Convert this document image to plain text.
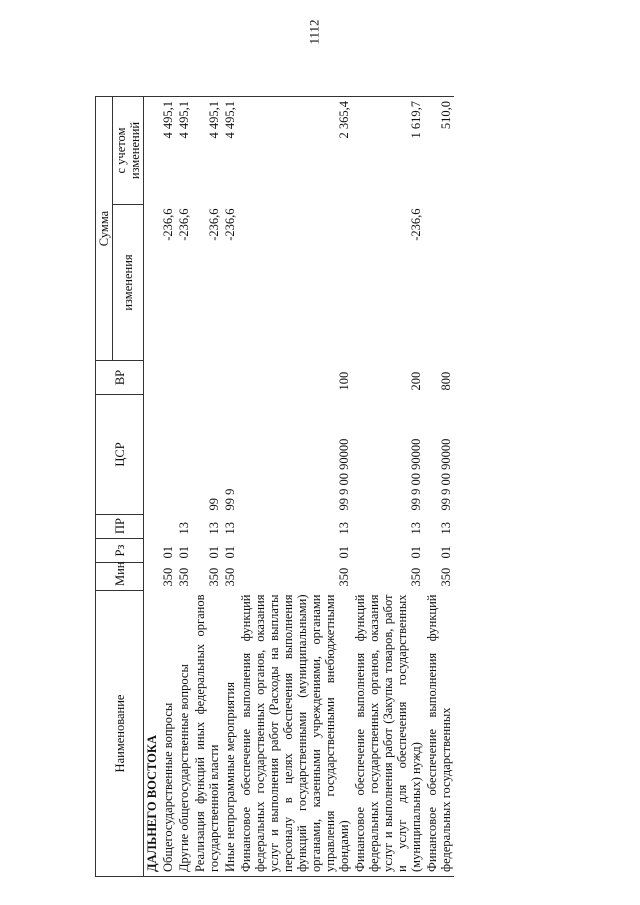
1112
Наименование	Мин	Рз	ПР	ЦСР	ВР	Сумма	
						изменения	с учетом изменений
ДАЛЬНЕГО ВОСТОКА							
Общегосударственные вопросы	350	01				-236,6	4 495,1
Другие общегосударственные вопросы	350	01	13			-236,6	4 495,1
Реализация функций иных федеральных органов государственной власти	350	01	13	99		-236,6	4 495,1
Иные непрограммные мероприятия	350	01	13	99 9		-236,6	4 495,1
Финансовое обеспечение выполнения функций федеральных государственных органов, оказания услуг и выполнения работ (Расходы на выплаты персоналу в целях обеспечения выполнения функций государственными (муниципальными) органами, казенными учреждениями, органами управления государственными внебюджетными фондами)	350	01	13	99 9 00 90000	100		2 365,4
Финансовое обеспечение выполнения функций федеральных государственных органов, оказания услуг и выполнения работ (Закупка товаров, работ и услуг для обеспечения государственных (муниципальных) нужд)	350	01	13	99 9 00 90000	200	-236,6	1 619,7
Финансовое обеспечение выполнения функций федеральных государственных	350	01	13	99 9 00 90000	800		510,0
